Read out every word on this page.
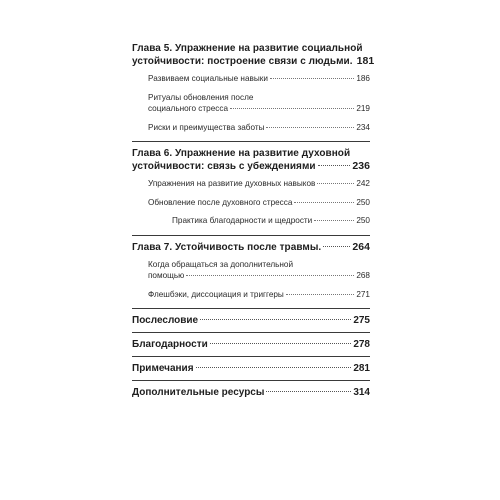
Глава 5. Упражнение на развитие социальной
устойчивости: построение связи с людьми. 181
Развиваем социальные навыки	186
Ритуалы обновления после
социального стресса	219
Риски и преимущества заботы	234
Глава 6. Упражнение на развитие духовной
устойчивости: связь с убеждениями	236
Упражнения на развитие духовных навыков	242
Обновление после духовного стресса	250
Практика благодарности и щедрости	250
Глава 7. Устойчивость после травмы.	264
Когда обращаться за дополнительной
помощью	268
Флешбэки, диссоциация и триггеры	271
Послесловие	275
Благодарности	278
Примечания	281
Дополнительные ресурсы	314
